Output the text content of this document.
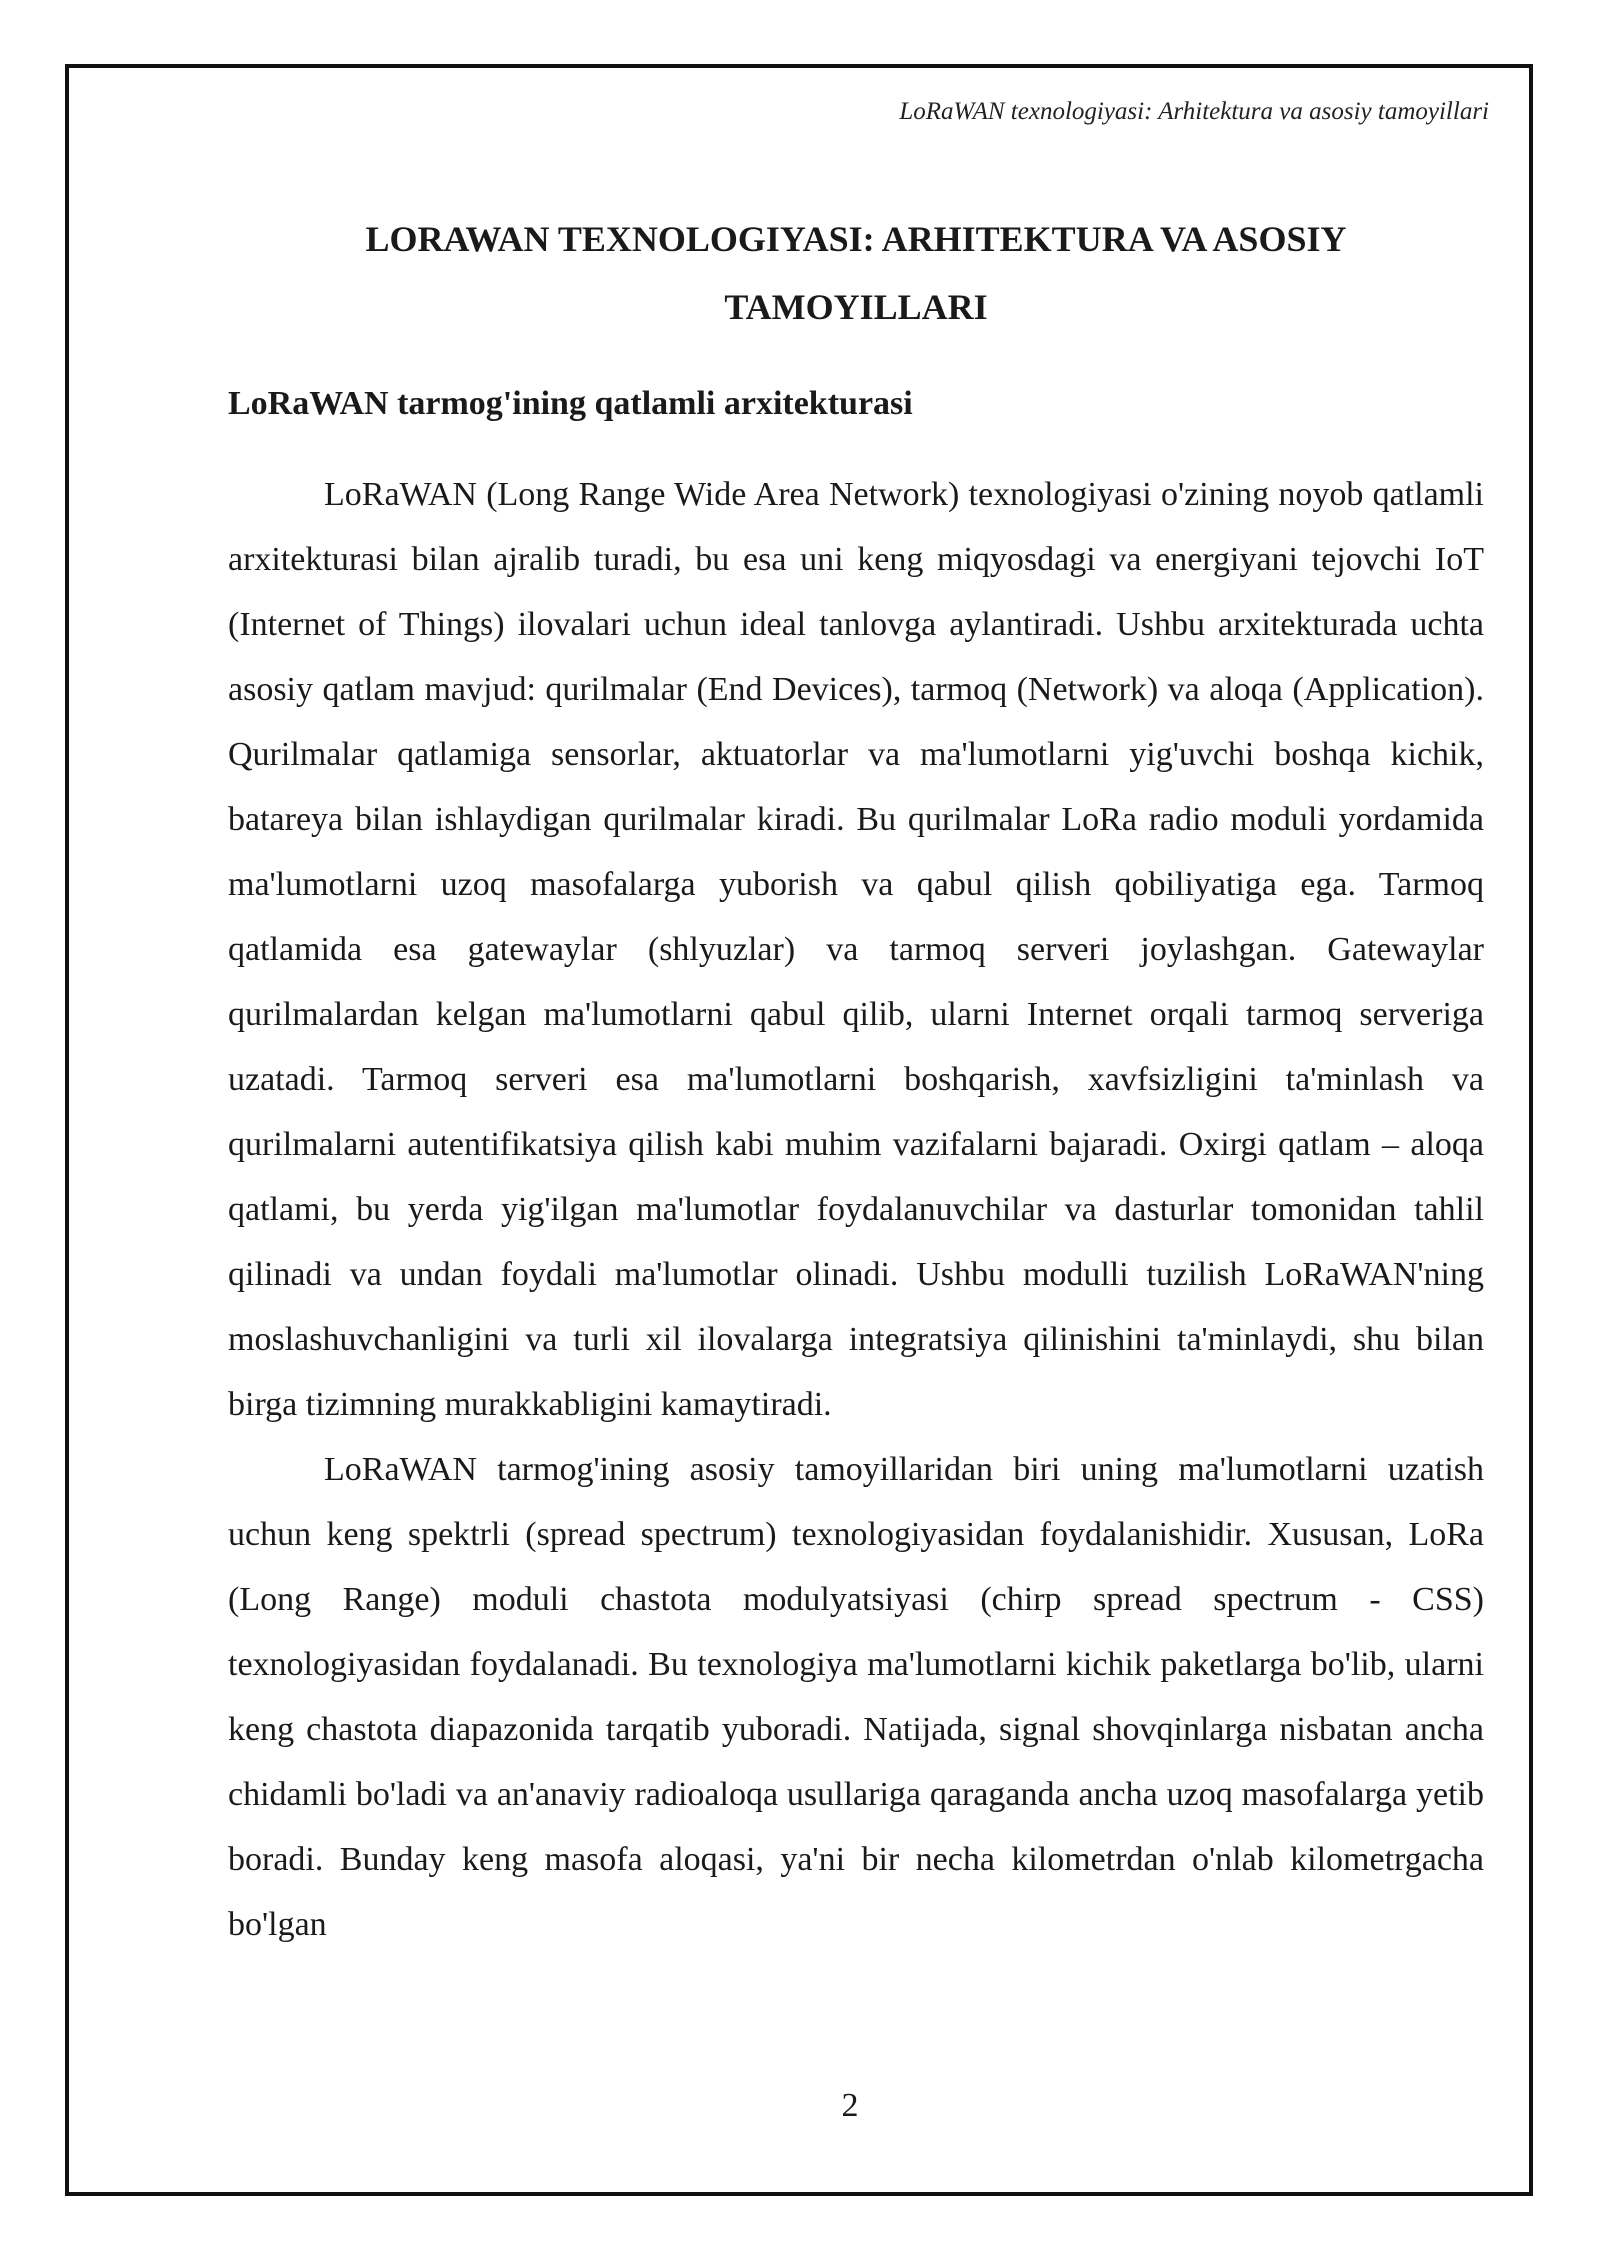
LoRaWAN texnologiyasi: Arhitektura va asosiy tamoyillari
LORAWAN TEXNOLOGIYASI: ARHITEKTURA VA ASOSIY
TAMOYILLARI
LoRaWAN tarmog'ining qatlamli arxitekturasi

LoRaWAN (Long Range Wide Area Network) texnologiyasi o'zining noyob qatlamli arxitekturasi bilan ajralib turadi, bu esa uni keng miqyosdagi va energiyani tejovchi IoT (Internet of Things) ilovalari uchun ideal tanlovga aylantiradi. Ushbu arxitekturada uchta asosiy qatlam mavjud: qurilmalar (End Devices), tarmoq (Network) va aloqa (Application). Qurilmalar qatlamiga sensorlar, aktuatorlar va ma'lumotlarni yig'uvchi boshqa kichik, batareya bilan ishlaydigan qurilmalar kiradi. Bu qurilmalar LoRa radio moduli yordamida ma'lumotlarni uzoq masofalarga yuborish va qabul qilish qobiliyatiga ega. Tarmoq qatlamida esa gatewaylar (shlyuzlar) va tarmoq serveri joylashgan. Gatewaylar qurilmalardan kelgan ma'lumotlarni qabul qilib, ularni Internet orqali tarmoq serveriga uzatadi. Tarmoq serveri esa ma'lumotlarni boshqarish, xavfsizligini ta'minlash va qurilmalarni autentifikatsiya qilish kabi muhim vazifalarni bajaradi. Oxirgi qatlam – aloqa qatlami, bu yerda yig'ilgan ma'lumotlar foydalanuvchilar va dasturlar tomonidan tahlil qilinadi va undan foydali ma'lumotlar olinadi. Ushbu modulli tuzilish LoRaWAN'ning moslashuvchanligini va turli xil ilovalarga integratsiya qilinishini ta'minlaydi, shu bilan birga tizimning murakkabligini kamaytiradi.

LoRaWAN tarmog'ining asosiy tamoyillaridan biri uning ma'lumotlarni uzatish uchun keng spektrli (spread spectrum) texnologiyasidan foydalanishidir. Xususan, LoRa (Long Range) moduli chastota modulyatsiyasi (chirp spread spectrum - CSS) texnologiyasidan foydalanadi. Bu texnologiya ma'lumotlarni kichik paketlarga bo'lib, ularni keng chastota diapazonida tarqatib yuboradi. Natijada, signal shovqinlarga nisbatan ancha chidamli bo'ladi va an'anaviy radioaloqa usullariga qaraganda ancha uzoq masofalarga yetib boradi. Bunday keng masofa aloqasi, ya'ni bir necha kilometrdan o'nlab kilometrgacha bo'lgan

2
